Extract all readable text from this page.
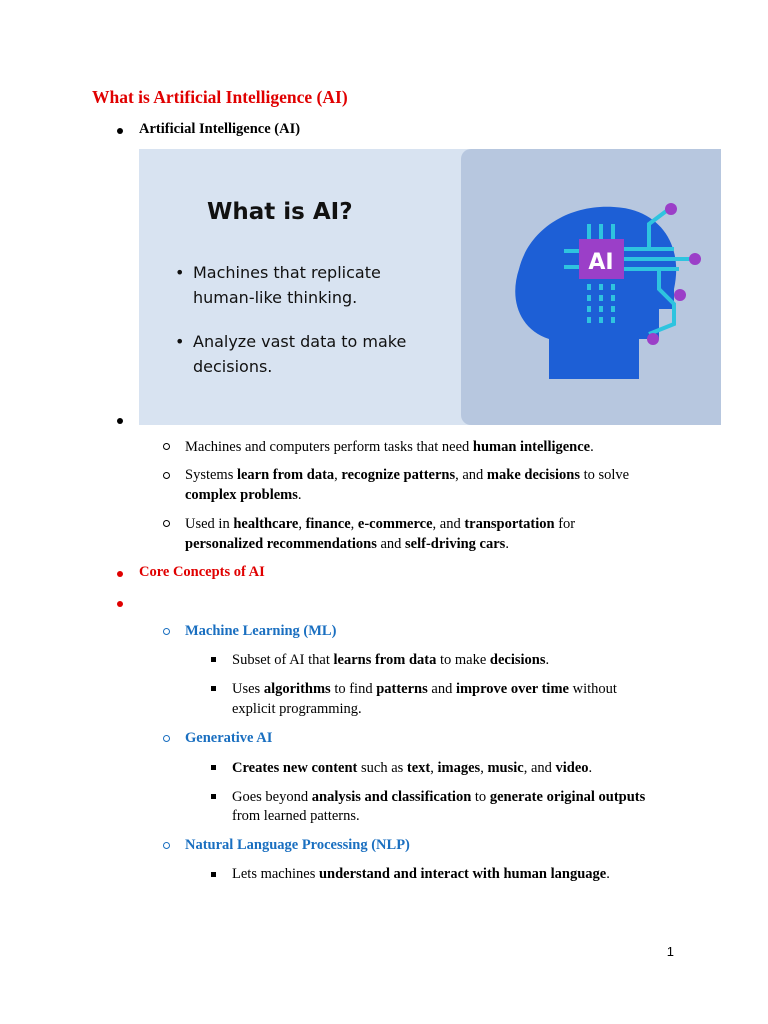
What is Artificial Intelligence (AI)
Artificial Intelligence (AI)
What is AI?
• Machines that replicate
human-like thinking.
• Analyze vast data to make
decisions.
AI
Machines and computers perform tasks that need human intelligence.
Systems learn from data, recognize patterns, and make decisions to solve
complex problems.
Used in healthcare, finance, e-commerce, and transportation for
personalized recommendations and self-driving cars.
Core Concepts of AI
Machine Learning (ML)
Subset of AI that learns from data to make decisions.
Uses algorithms to find patterns and improve over time without
explicit programming.
Generative AI
Creates new content such as text, images, music, and video.
Goes beyond analysis and classification to generate original outputs
from learned patterns.
Natural Language Processing (NLP)
Lets machines understand and interact with human language.
1
